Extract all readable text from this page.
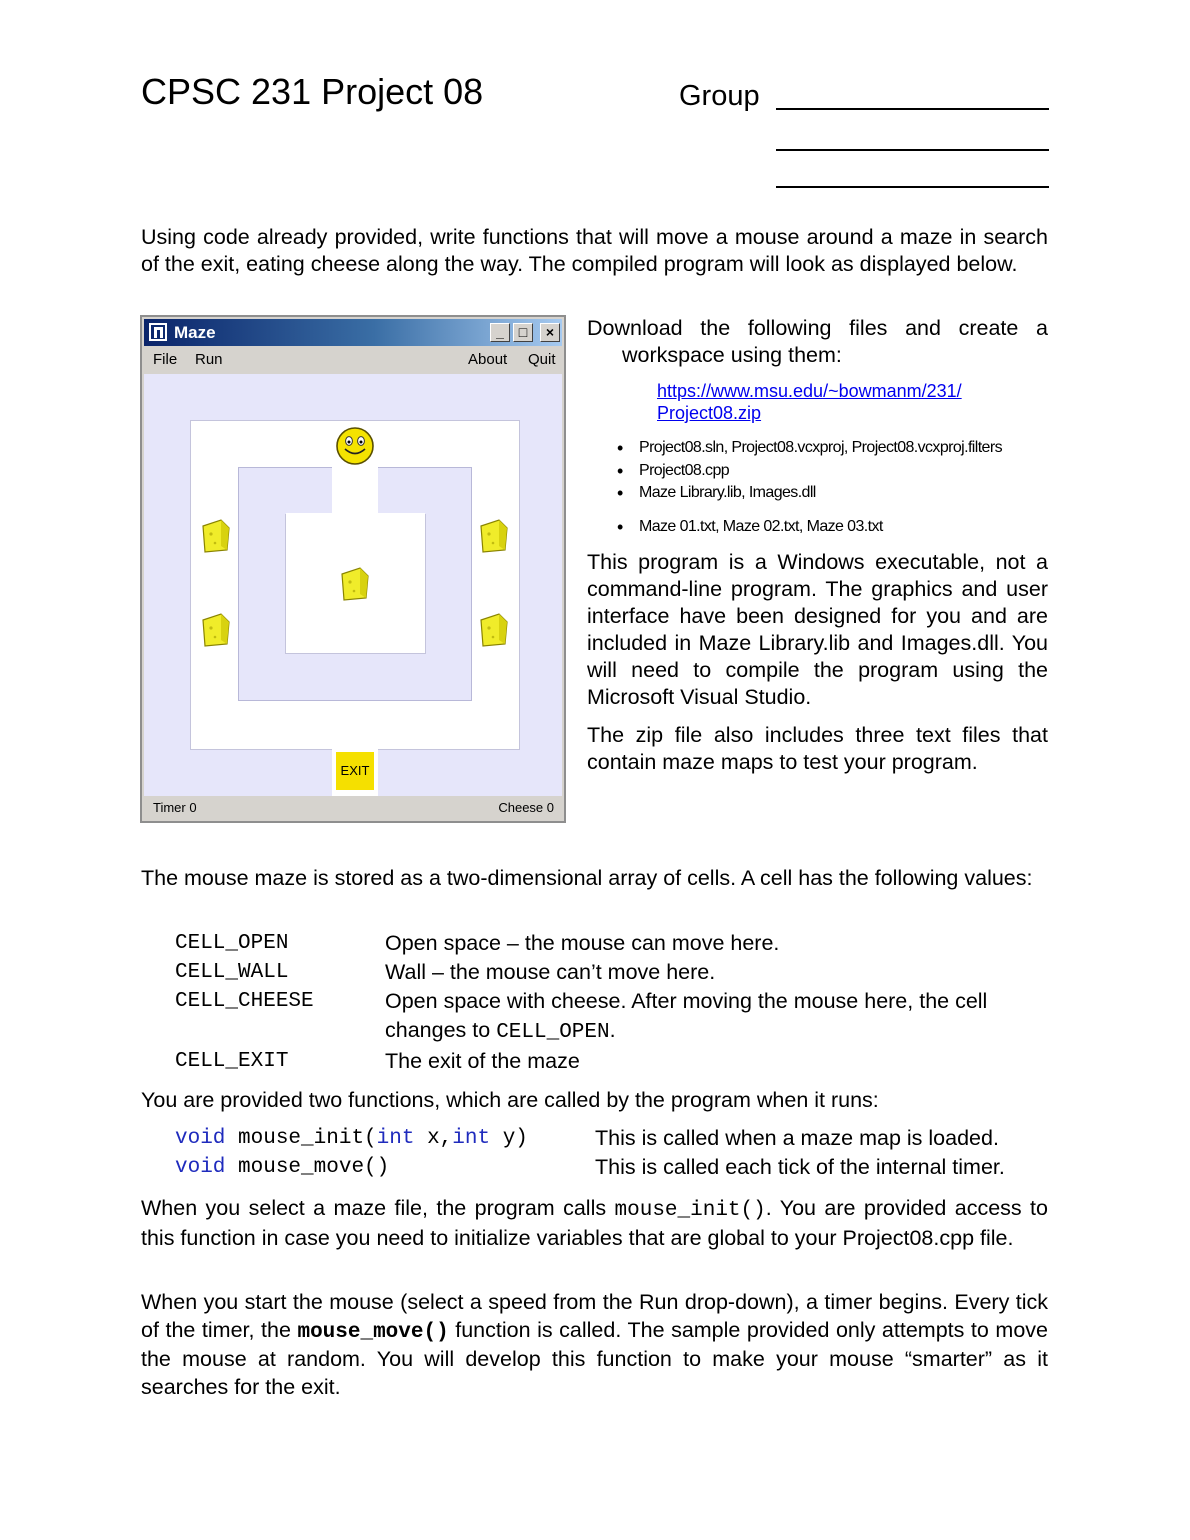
CPSC 231 Project 08	Group
Using code already provided, write functions that will move a mouse around a maze in search of the exit, eating cheese along the way. The compiled program will look as displayed below.
Maze	_	□	×
File Run	About Quit
EXIT
Timer 0	Cheese 0
Download the following files and create a workspace using them:
https://www.msu.edu/~bowmanm/231/
Project08.zip
• Project08.sln, Project08.vcxproj, Project08.vcxproj.filters
• Project08.cpp
• Maze Library.lib, Images.dll
• Maze 01.txt, Maze 02.txt, Maze 03.txt
This program is a Windows executable, not a command-line program. The graphics and user interface have been designed for you and are included in Maze Library.lib and Images.dll. You will need to compile the program using the Microsoft Visual Studio.
The zip file also includes three text files that contain maze maps to test your program.
The mouse maze is stored as a two-dimensional array of cells. A cell has the following values:
CELL_OPEN	Open space – the mouse can move here.
CELL_WALL	Wall – the mouse can’t move here.
CELL_CHEESE	Open space with cheese. After moving the mouse here, the cell changes to CELL_OPEN.
CELL_EXIT	The exit of the maze
You are provided two functions, which are called by the program when it runs:
void mouse_init(int x,int y)	This is called when a maze map is loaded.
void mouse_move()	This is called each tick of the internal timer.
When you select a maze file, the program calls mouse_init(). You are provided access to this function in case you need to initialize variables that are global to your Project08.cpp file.
When you start the mouse (select a speed from the Run drop-down), a timer begins. Every tick of the timer, the mouse_move() function is called. The sample provided only attempts to move the mouse at random. You will develop this function to make your mouse “smarter” as it searches for the exit.
